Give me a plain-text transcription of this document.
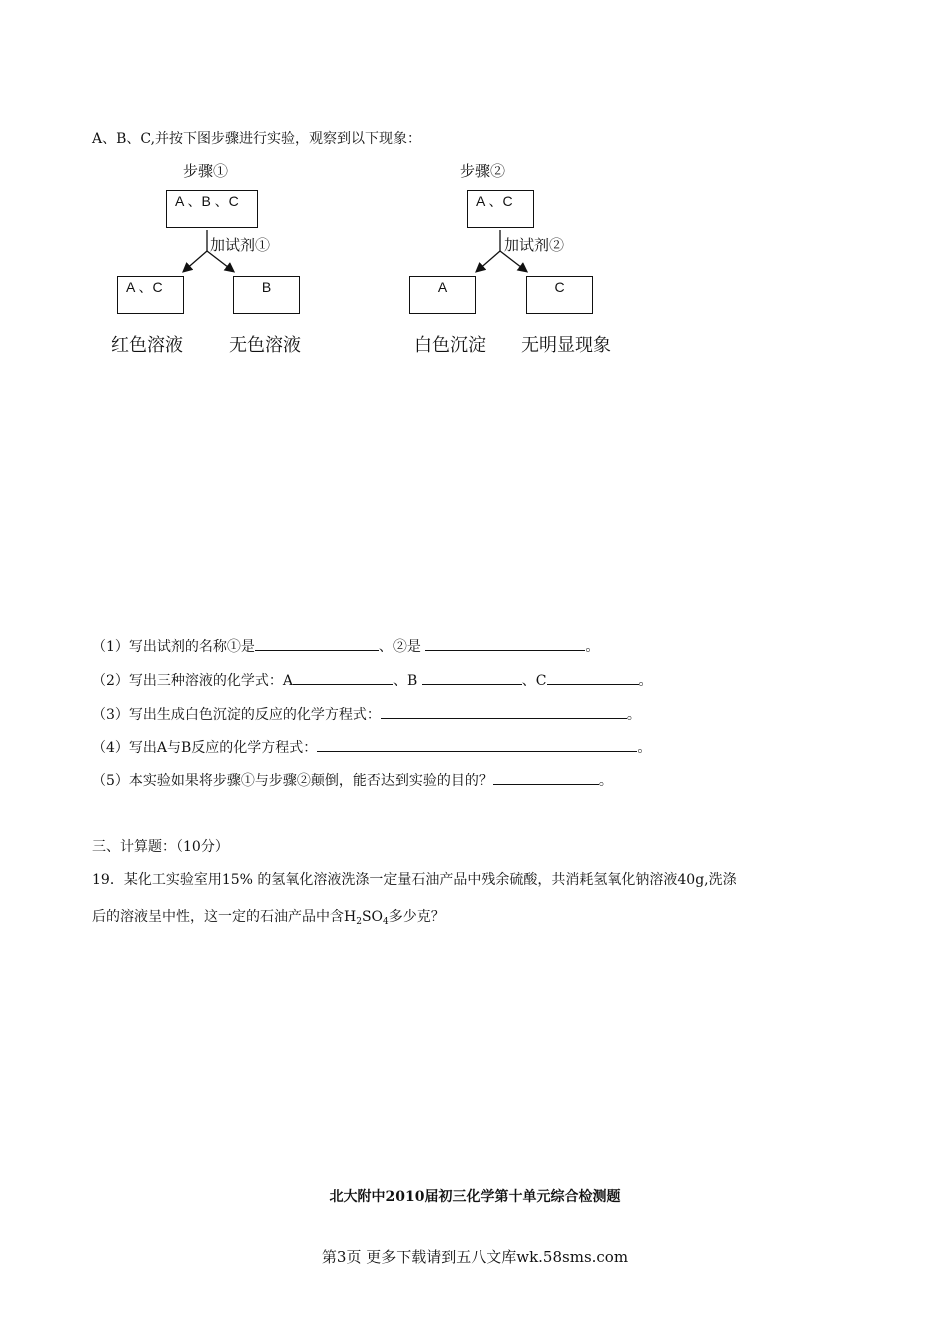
A、B、C,并按下图步骤进行实验，观察到以下现象：
步骤①
A 、B 、C
加试剂①
A 、C	B
红色溶液	无色溶液
步骤②
A 、C
加试剂②
A	C
白色沉淀 无明显现象
（1）写出试剂的名称①是	、②是	。
（2）写出三种溶液的化学式：A	、B	、C	。
（3）写出生成白色沉淀的反应的化学方程式：	。
（4）写出A与B反应的化学方程式：	。
（5）本实验如果将步骤①与步骤②颠倒，能否达到实验的目的？	。
三、计算题：（10分）
19．某化工实验室用15% 的氢氧化溶液洗涤一定量石油产品中残余硫酸，共消耗氢氧化钠溶液40g,洗涤
后的溶液呈中性，这一定的石油产品中含$H_2SO_4$多少克？
北大附中2010届初三化学第十单元综合检测题
第3页 更多下载请到五八文库wk.58sms.com
